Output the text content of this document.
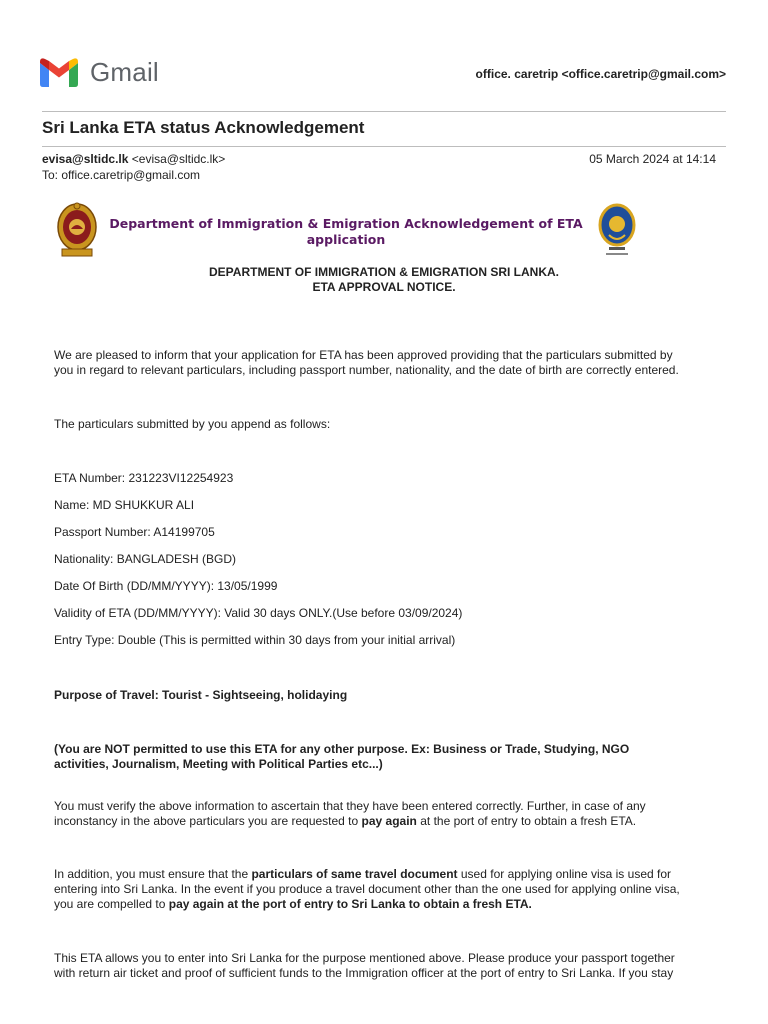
Gmail	office. caretrip <office.caretrip@gmail.com>
Sri Lanka ETA status Acknowledgement
evisa@sltidc.lk <evisa@sltidc.lk>
To: office.caretrip@gmail.com
05 March 2024 at 14:14
Department of Immigration & Emigration Acknowledgement of ETA application
DEPARTMENT OF IMMIGRATION & EMIGRATION SRI LANKA.
ETA APPROVAL NOTICE.
We are pleased to inform that your application for ETA has been approved providing that the particulars submitted by
you in regard to relevant particulars, including passport number, nationality, and the date of birth are correctly entered.
The particulars submitted by you append as follows:
ETA Number: 231223VI12254923
Name: MD SHUKKUR ALI
Passport Number: A14199705
Nationality: BANGLADESH (BGD)
Date Of Birth (DD/MM/YYYY): 13/05/1999
Validity of ETA (DD/MM/YYYY): Valid 30 days ONLY.(Use before 03/09/2024)
Entry Type: Double (This is permitted within 30 days from your initial arrival)
Purpose of Travel: Tourist - Sightseeing, holidaying
(You are NOT permitted to use this ETA for any other purpose. Ex: Business or Trade, Studying, NGO
activities, Journalism, Meeting with Political Parties etc...)
You must verify the above information to ascertain that they have been entered correctly. Further, in case of any
inconstancy in the above particulars you are requested to pay again at the port of entry to obtain a fresh ETA.
In addition, you must ensure that the particulars of same travel document used for applying online visa is used for
entering into Sri Lanka. In the event if you produce a travel document other than the one used for applying online visa,
you are compelled to pay again at the port of entry to Sri Lanka to obtain a fresh ETA.
This ETA allows you to enter into Sri Lanka for the purpose mentioned above. Please produce your passport together
with return air ticket and proof of sufficient funds to the Immigration officer at the port of entry to Sri Lanka. If you stay
